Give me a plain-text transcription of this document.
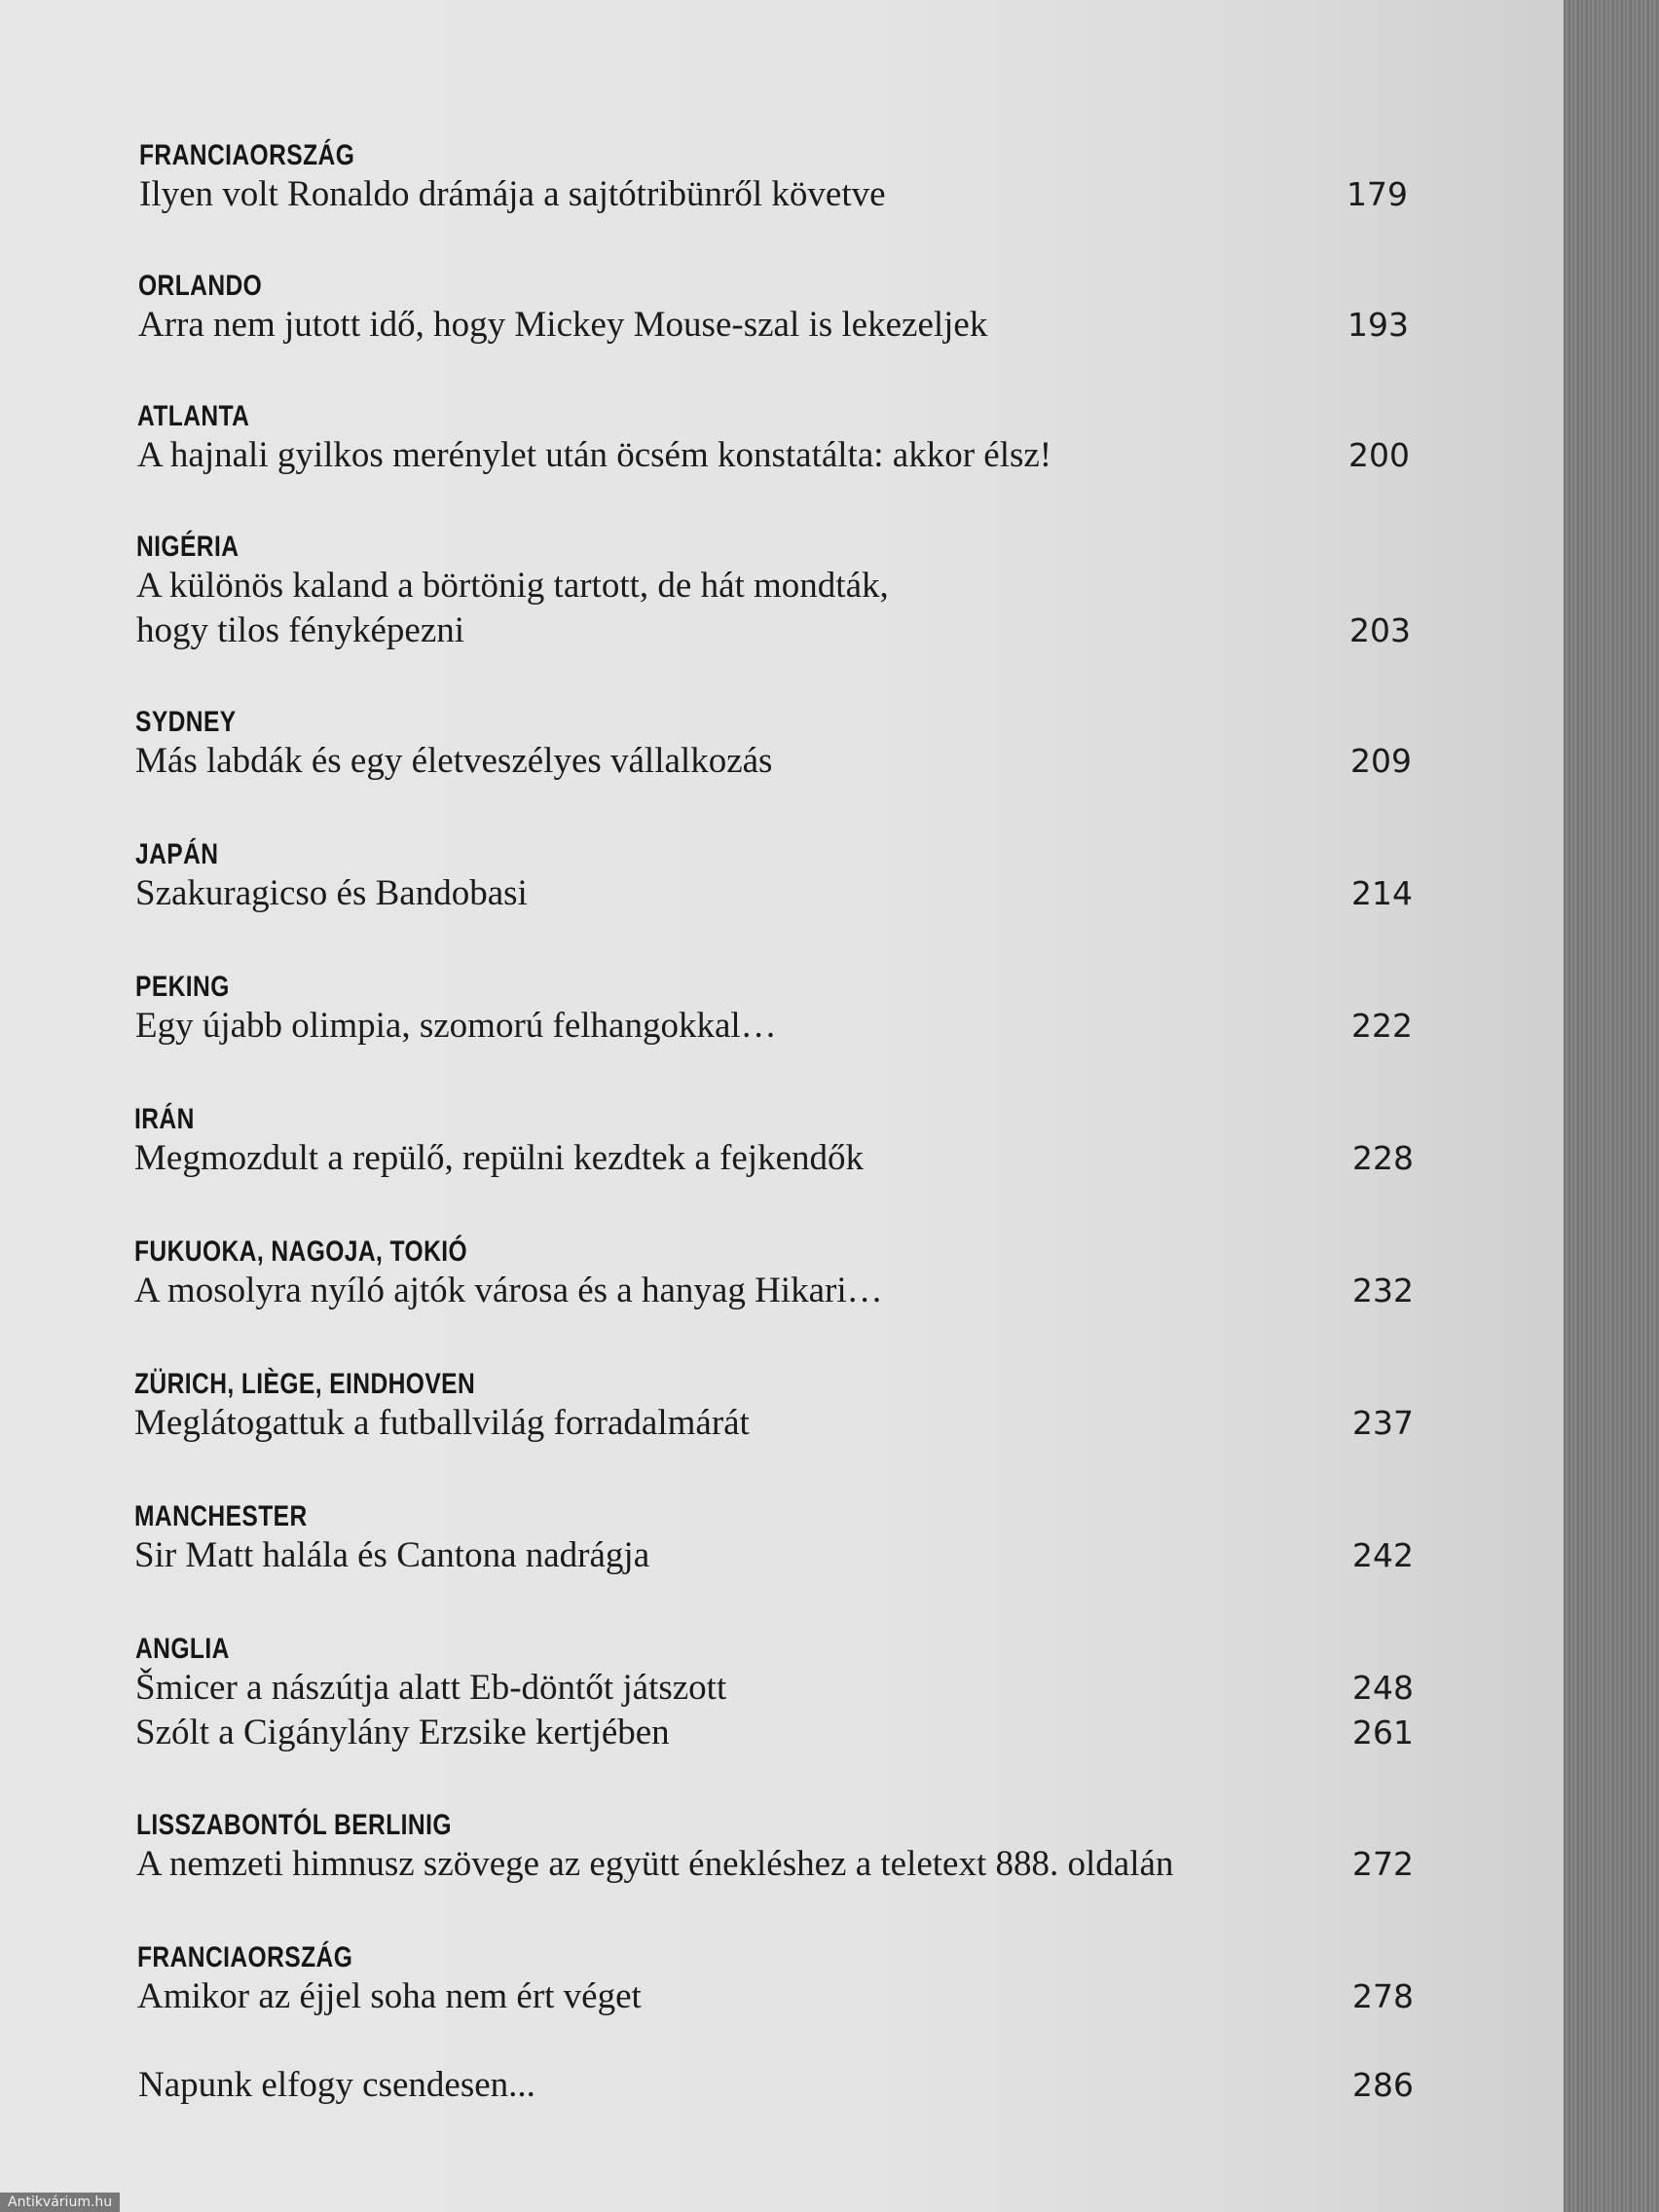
FRANCIAORSZÁG
Ilyen volt Ronaldo drámája a sajtótribünről követve	179
ORLANDO
Arra nem jutott idő, hogy Mickey Mouse-szal is lekezeljek	193
ATLANTA
A hajnali gyilkos merénylet után öcsém konstatálta: akkor élsz!	200
NIGÉRIA
A különös kaland a börtönig tartott, de hát mondták,
hogy tilos fényképezni	203
SYDNEY
Más labdák és egy életveszélyes vállalkozás	209
JAPÁN
Szakuragicso és Bandobasi	214
PEKING
Egy újabb olimpia, szomorú felhangokkal…	222
IRÁN
Megmozdult a repülő, repülni kezdtek a fejkendők	228
FUKUOKA, NAGOJA, TOKIÓ
A mosolyra nyíló ajtók városa és a hanyag Hikari…	232
ZÜRICH, LIÈGE, EINDHOVEN
Meglátogattuk a futballvilág forradalmárát	237
MANCHESTER
Sir Matt halála és Cantona nadrágja	242
ANGLIA
Šmicer a nászútja alatt Eb-döntőt játszott	248
Szólt a Cigánylány Erzsike kertjében	261
LISSZABONTÓL BERLINIG
A nemzeti himnusz szövege az együtt énekléshez a teletext 888. oldalán	272
FRANCIAORSZÁG
Amikor az éjjel soha nem ért véget	278
Napunk elfogy csendesen...	286
Antikvárium.hu
